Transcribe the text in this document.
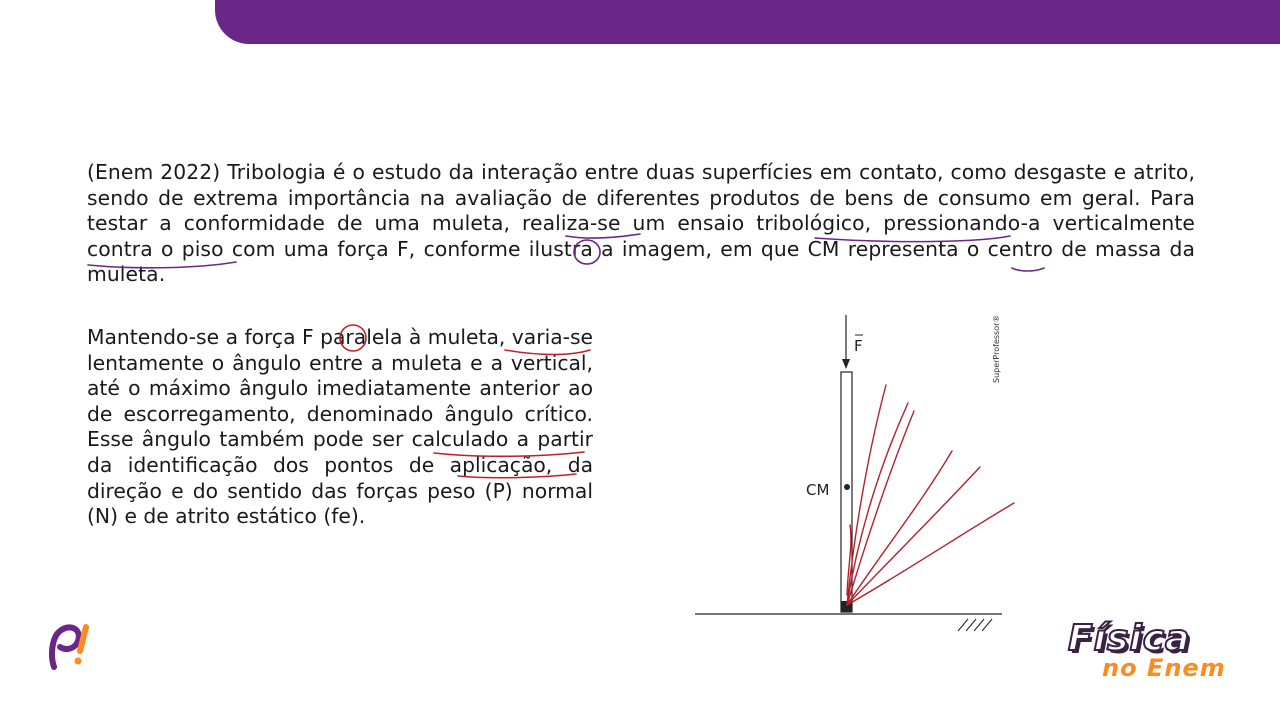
(Enem 2022) Tribologia é o estudo da interação entre duas superfícies em contato, como desgaste e atrito, sendo de extrema importância na avaliação de diferentes produtos de bens de consumo em geral. Para testar a conformidade de uma muleta, realiza-se um ensaio tribológico, pressionando-a verticalmente contra o piso com uma força F, conforme ilustra a imagem, em que CM representa o centro de massa da muleta.
Mantendo-se a força F paralela à muleta, varia-se lentamente o ângulo entre a muleta e a vertical, até o máximo ângulo imediatamente anterior ao de escorregamento, denominado ângulo crítico. Esse ângulo também pode ser calculado a partir da identificação dos pontos de aplicação, da direção e do sentido das forças peso (P) normal (N) e de atrito estático (fe).
F
CM
SuperProfessor®
Física
no Enem
